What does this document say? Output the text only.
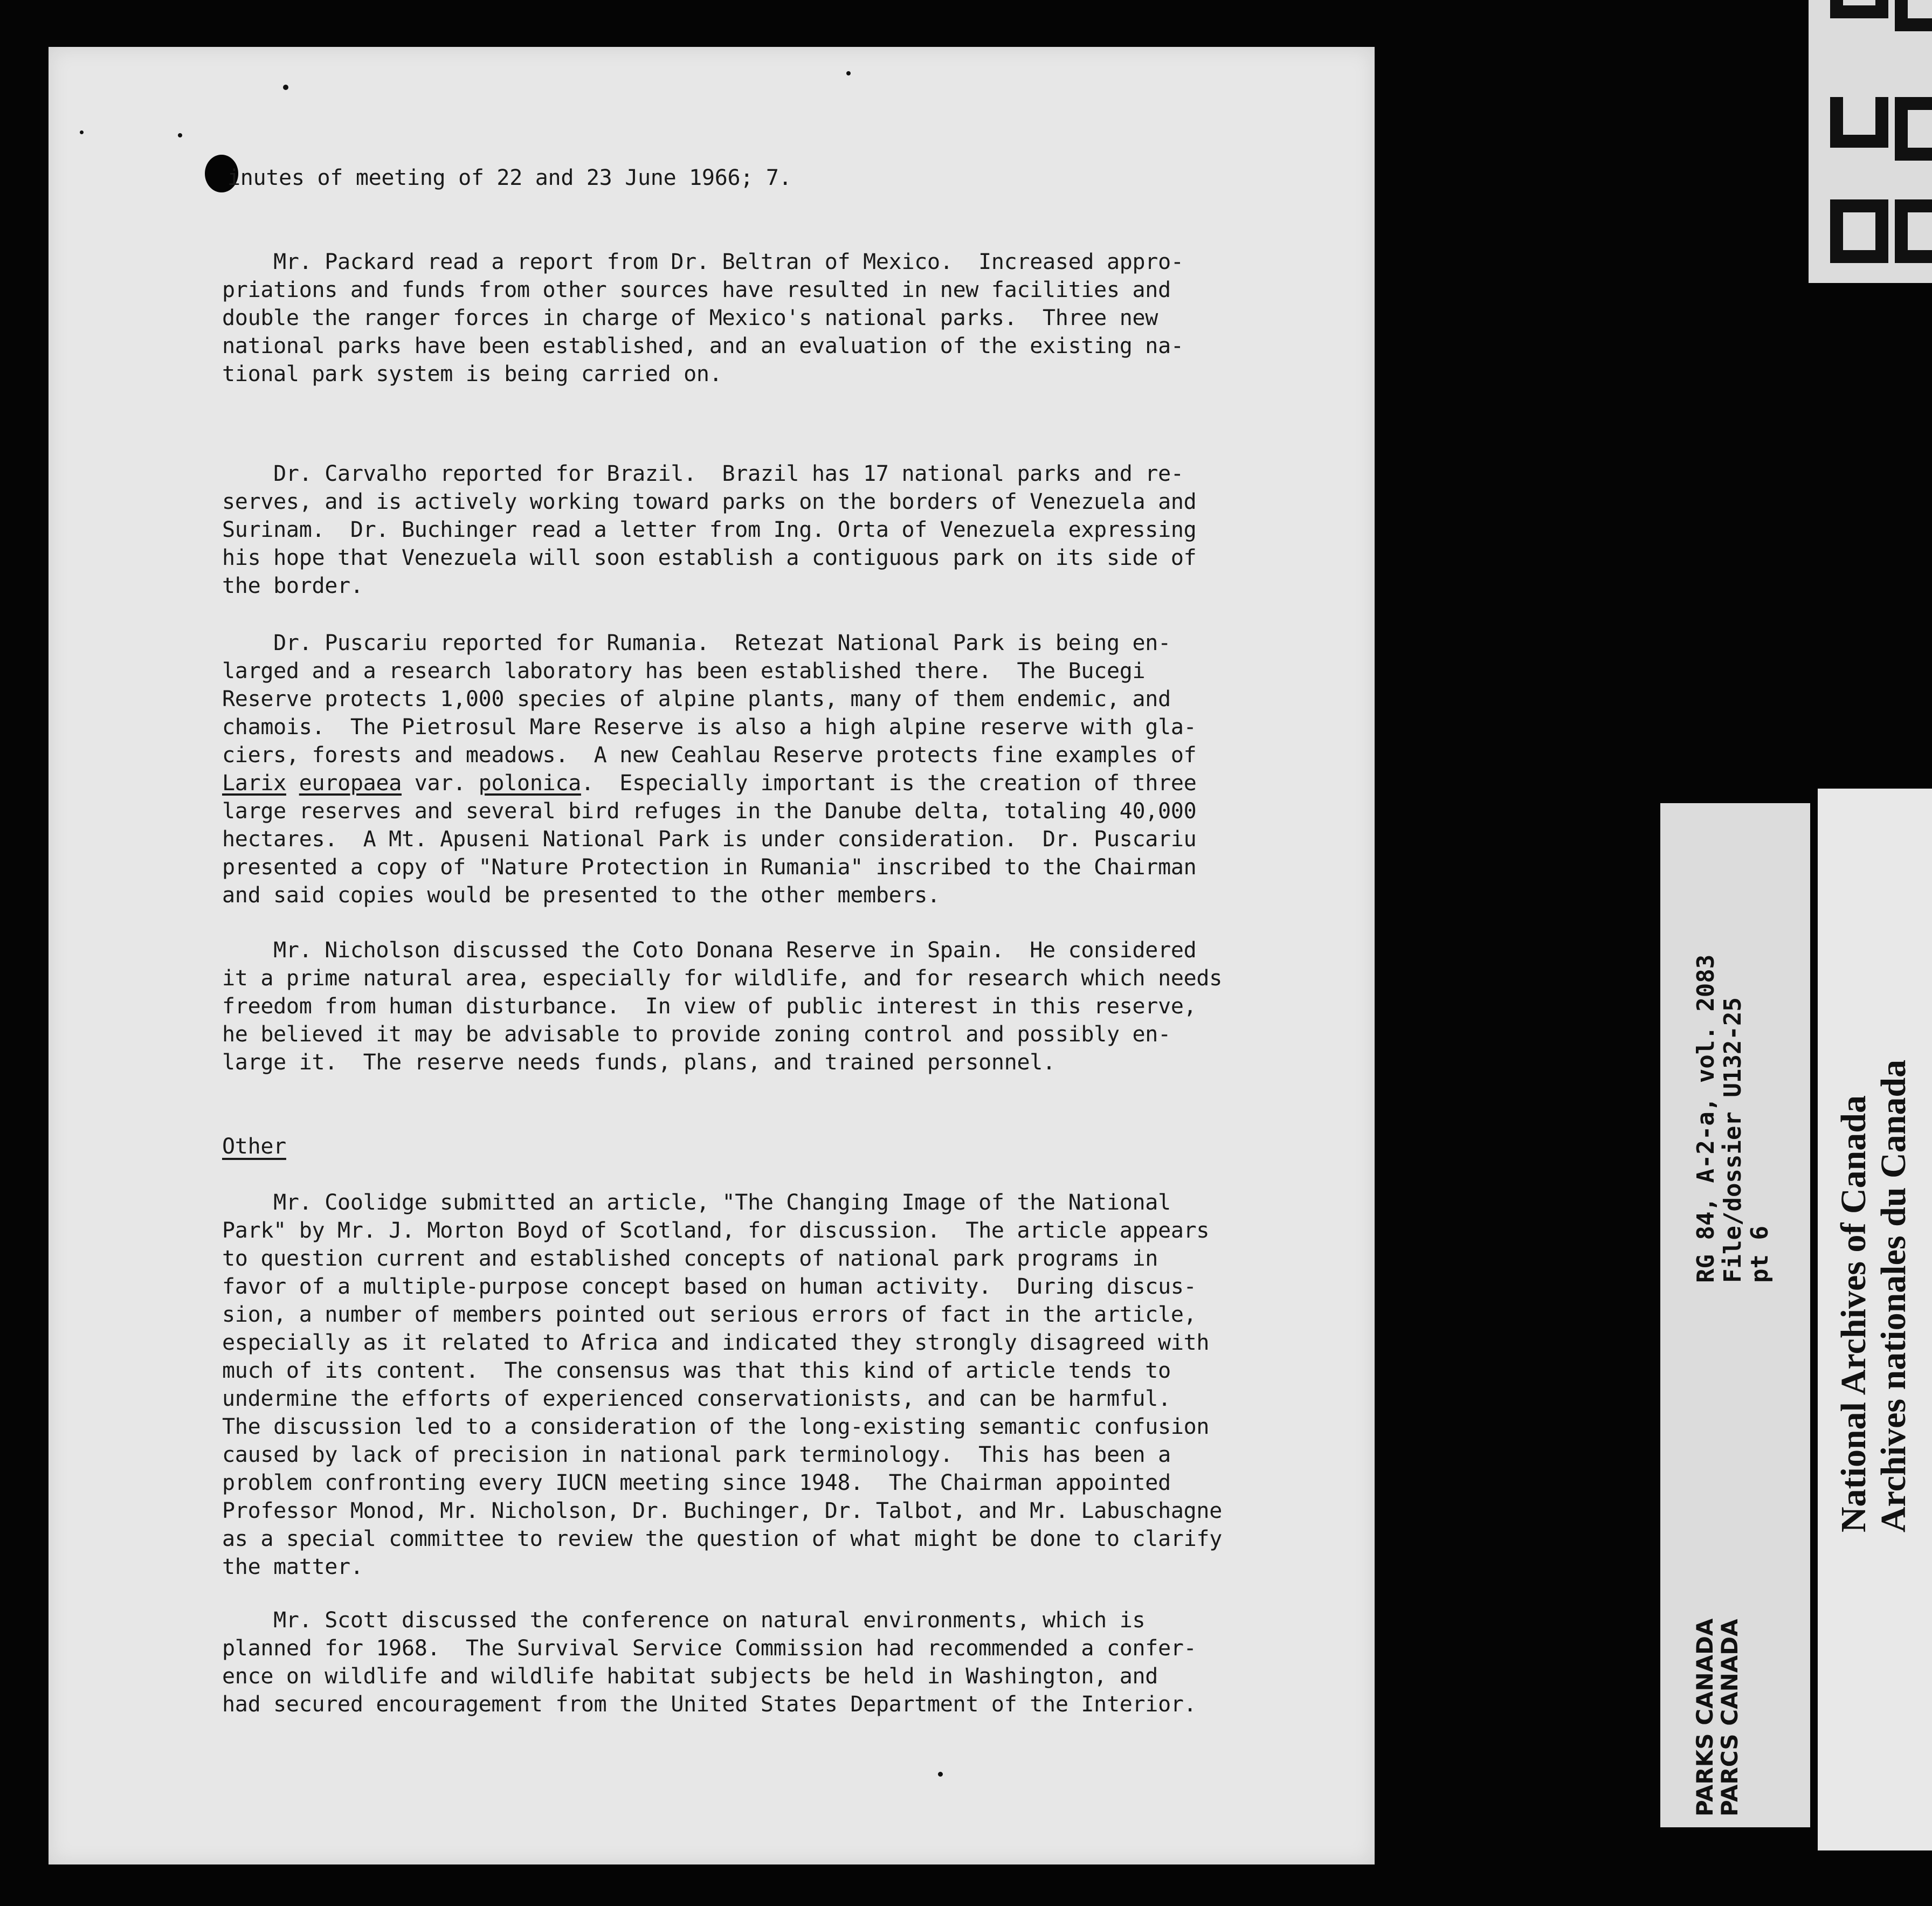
inutes of meeting of 22 and 23 June 1966; 7.
Mr. Packard read a report from Dr. Beltran of Mexico.  Increased appro-
priations and funds from other sources have resulted in new facilities and
double the ranger forces in charge of Mexico's national parks.  Three new
national parks have been established, and an evaluation of the existing na-
tional park system is being carried on.
Dr. Carvalho reported for Brazil.  Brazil has 17 national parks and re-
serves, and is actively working toward parks on the borders of Venezuela and
Surinam.  Dr. Buchinger read a letter from Ing. Orta of Venezuela expressing
his hope that Venezuela will soon establish a contiguous park on its side of
the border.
Dr. Puscariu reported for Rumania.  Retezat National Park is being en-
larged and a research laboratory has been established there.  The Bucegi
Reserve protects 1,000 species of alpine plants, many of them endemic, and
chamois.  The Pietrosul Mare Reserve is also a high alpine reserve with gla-
ciers, forests and meadows.  A new Ceahlau Reserve protects fine examples of
Larix europaea var. polonica.  Especially important is the creation of three
large reserves and several bird refuges in the Danube delta, totaling 40,000
hectares.  A Mt. Apuseni National Park is under consideration.  Dr. Puscariu
presented a copy of "Nature Protection in Rumania" inscribed to the Chairman
and said copies would be presented to the other members.
Mr. Nicholson discussed the Coto Donana Reserve in Spain.  He considered
it a prime natural area, especially for wildlife, and for research which needs
freedom from human disturbance.  In view of public interest in this reserve,
he believed it may be advisable to provide zoning control and possibly en-
large it.  The reserve needs funds, plans, and trained personnel.
Other
Mr. Coolidge submitted an article, "The Changing Image of the National
Park" by Mr. J. Morton Boyd of Scotland, for discussion.  The article appears
to question current and established concepts of national park programs in
favor of a multiple-purpose concept based on human activity.  During discus-
sion, a number of members pointed out serious errors of fact in the article,
especially as it related to Africa and indicated they strongly disagreed with
much of its content.  The consensus was that this kind of article tends to
undermine the efforts of experienced conservationists, and can be harmful.
The discussion led to a consideration of the long-existing semantic confusion
caused by lack of precision in national park terminology.  This has been a
problem confronting every IUCN meeting since 1948.  The Chairman appointed
Professor Monod, Mr. Nicholson, Dr. Buchinger, Dr. Talbot, and Mr. Labuschagne
as a special committee to review the question of what might be done to clarify
the matter.
Mr. Scott discussed the conference on natural environments, which is
planned for 1968.  The Survival Service Commission had recommended a confer-
ence on wildlife and wildlife habitat subjects be held in Washington, and
had secured encouragement from the United States Department of the Interior.
RG 84, A-2-a, vol. 2083
File/dossier U132-25
pt 6
PARKS CANADA
PARCS CANADA
National Archives of Canada
Archives nationales du Canada
